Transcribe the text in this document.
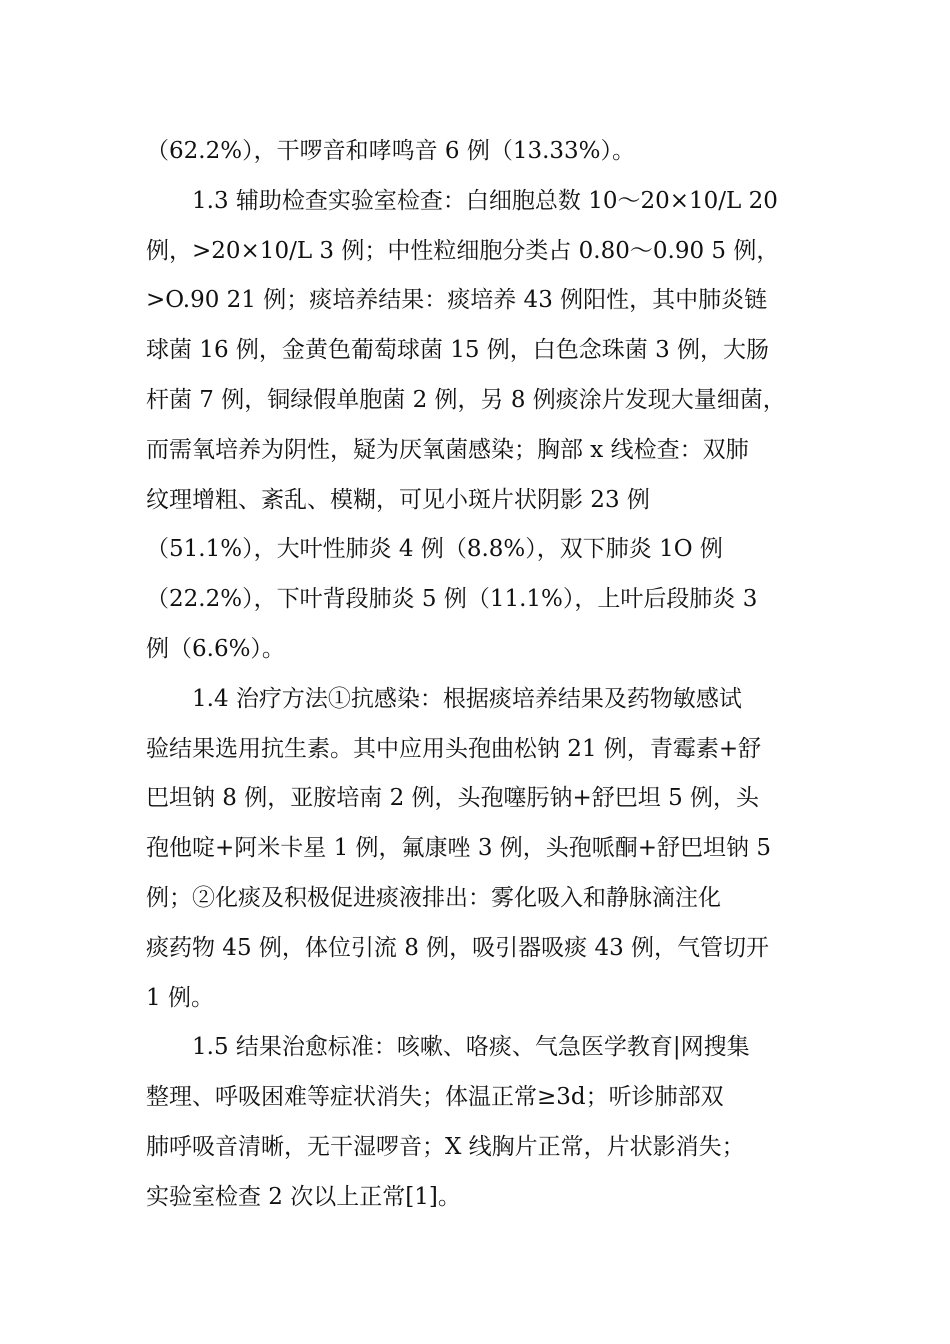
（62.2%），干啰音和哮鸣音 6 例（13.33%）。
1.3 辅助检查实验室检查：白细胞总数 10～20×10/L 20
例，>20×10/L 3 例；中性粒细胞分类占 0.80～0.90 5 例，
>O.90 21 例；痰培养结果：痰培养 43 例阳性，其中肺炎链
球菌 16 例，金黄色葡萄球菌 15 例，白色念珠菌 3 例，大肠
杆菌 7 例，铜绿假单胞菌 2 例，另 8 例痰涂片发现大量细菌，
而需氧培养为阴性，疑为厌氧菌感染；胸部 x 线检查：双肺
纹理增粗、紊乱、模糊，可见小斑片状阴影 23 例
（51.1%），大叶性肺炎 4 例（8.8%），双下肺炎 1O 例
（22.2%），下叶背段肺炎 5 例（11.1%），上叶后段肺炎 3
例（6.6%）。
1.4 治疗方法①抗感染：根据痰培养结果及药物敏感试
验结果选用抗生素。其中应用头孢曲松钠 21 例，青霉素+舒
巴坦钠 8 例，亚胺培南 2 例，头孢噻肟钠+舒巴坦 5 例，头
孢他啶+阿米卡星 1 例，氟康唑 3 例，头孢哌酮+舒巴坦钠 5
例；②化痰及积极促进痰液排出：雾化吸入和静脉滴注化
痰药物 45 例，体位引流 8 例，吸引器吸痰 43 例，气管切开
1 例。
1.5 结果治愈标准：咳嗽、咯痰、气急医学教育|网搜集
整理、呼吸困难等症状消失；体温正常≥3d；听诊肺部双
肺呼吸音清晰，无干湿啰音；X 线胸片正常，片状影消失；
实验室检查 2 次以上正常[1]。
